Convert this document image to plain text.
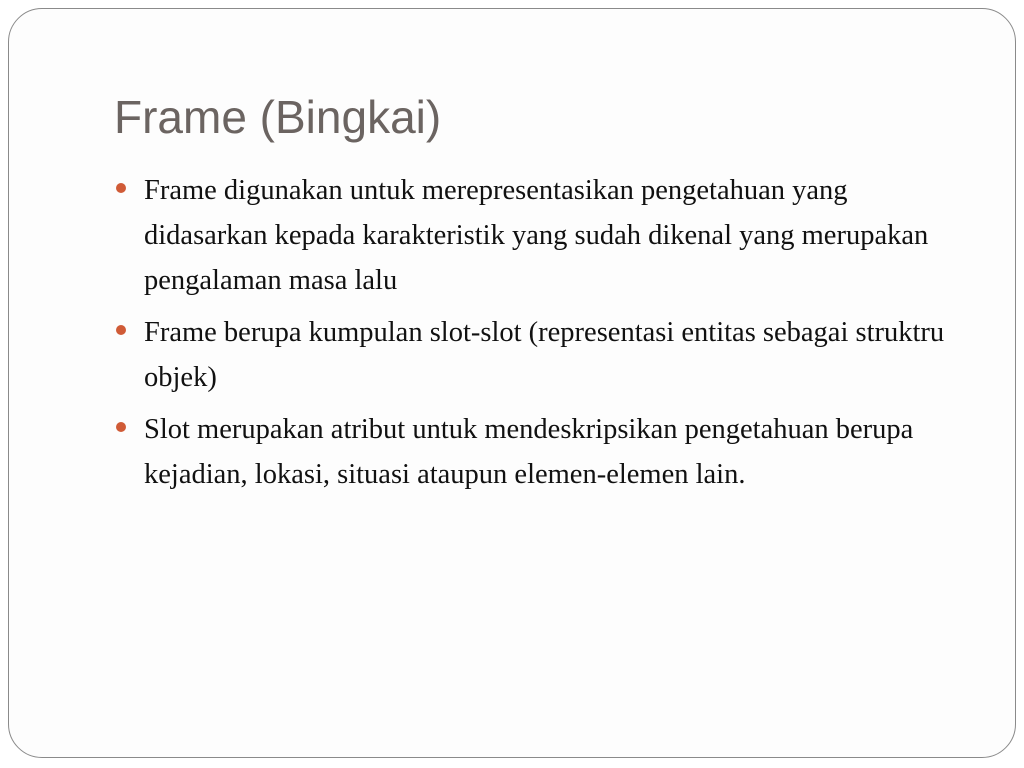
Frame (Bingkai)
Frame digunakan untuk merepresentasikan pengetahuan yang didasarkan kepada karakteristik yang sudah dikenal yang merupakan pengalaman masa lalu
Frame berupa kumpulan slot-slot (representasi entitas sebagai struktru objek)
Slot merupakan atribut untuk mendeskripsikan pengetahuan berupa kejadian, lokasi, situasi ataupun elemen-elemen lain.
